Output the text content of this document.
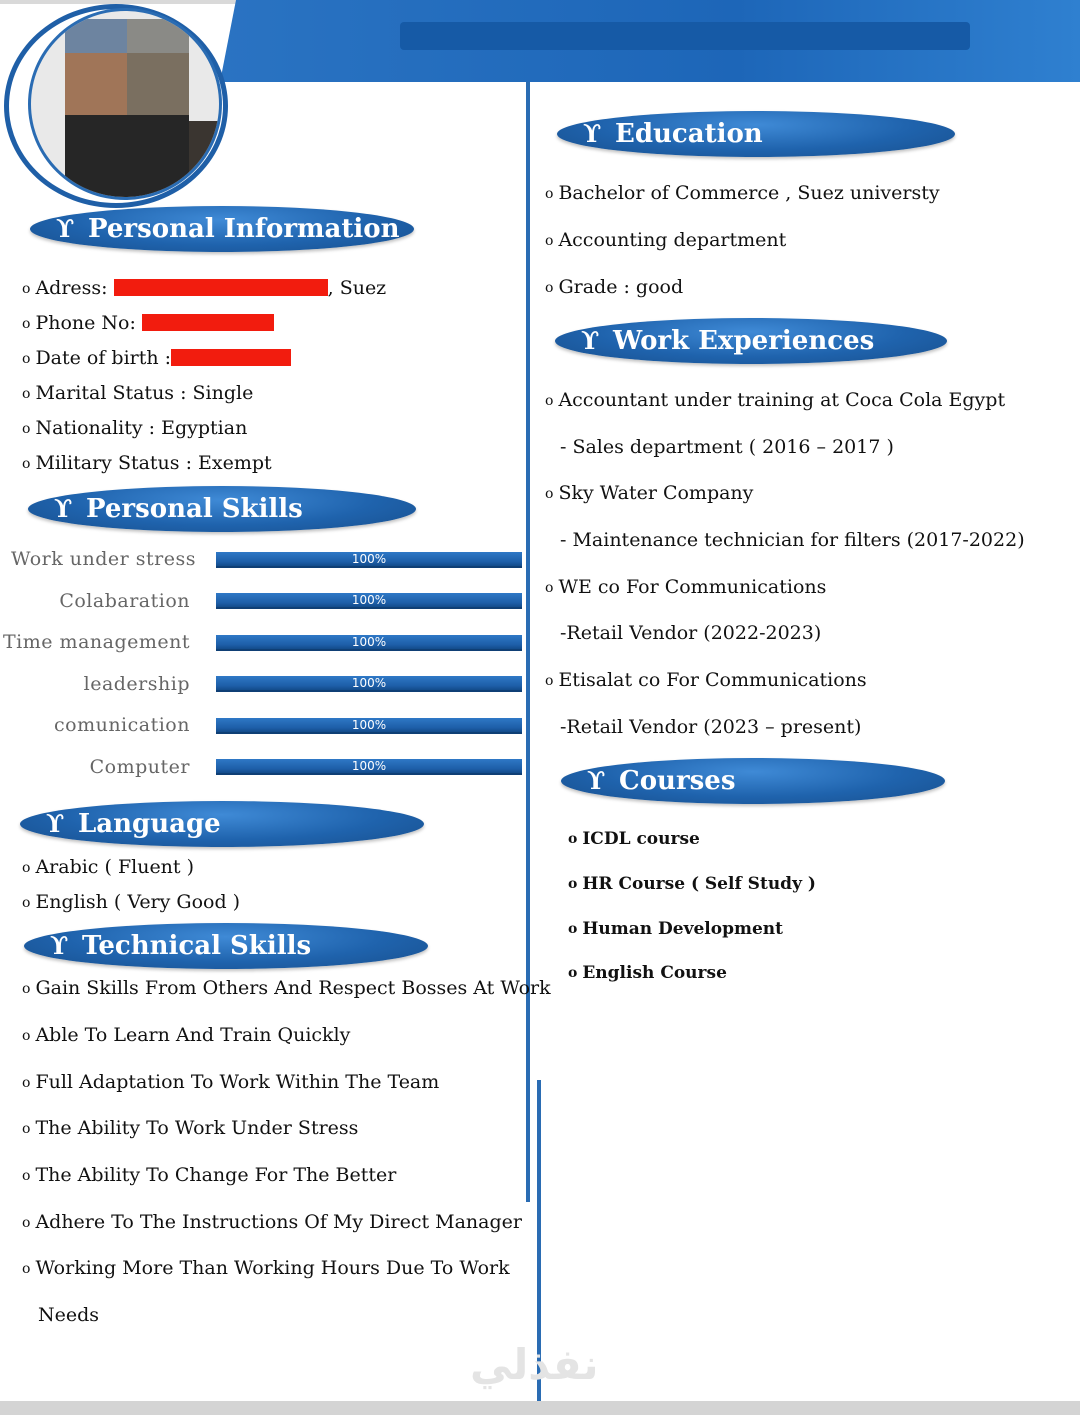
ϒ Personal Information
o Adress:	, Suez
o Phone No:
o Date of birth :
o Marital Status : Single
o Nationality : Egyptian
o Military Status : Exempt
ϒ Personal Skills
Work under stress	100%
Colabaration	100%
Time management	100%
leadership	100%
comunication	100%
Computer	100%
ϒ Language
o Arabic ( Fluent )
o English ( Very Good )
ϒ Technical Skills
o Gain Skills From Others And Respect Bosses At Work
o Able To Learn And Train Quickly
o Full Adaptation To Work Within The Team
o The Ability To Work Under Stress
o The Ability To Change For The Better
o Adhere To The Instructions Of My Direct Manager
o Working More Than Working Hours Due To Work
Needs
ϒ Education
o Bachelor of Commerce , Suez universty
o Accounting department
o Grade : good
ϒ Work Experiences
o Accountant under training at Coca Cola Egypt
- Sales department ( 2016 – 2017 )
o Sky Water Company
- Maintenance technician for filters (2017-2022)
o WE co For Communications
-Retail Vendor (2022-2023)
o Etisalat co For Communications
-Retail Vendor (2023 – present)
ϒ Courses
o ICDL course
o HR Course ( Self Study )
o Human Development
o English Course
نفذلي
